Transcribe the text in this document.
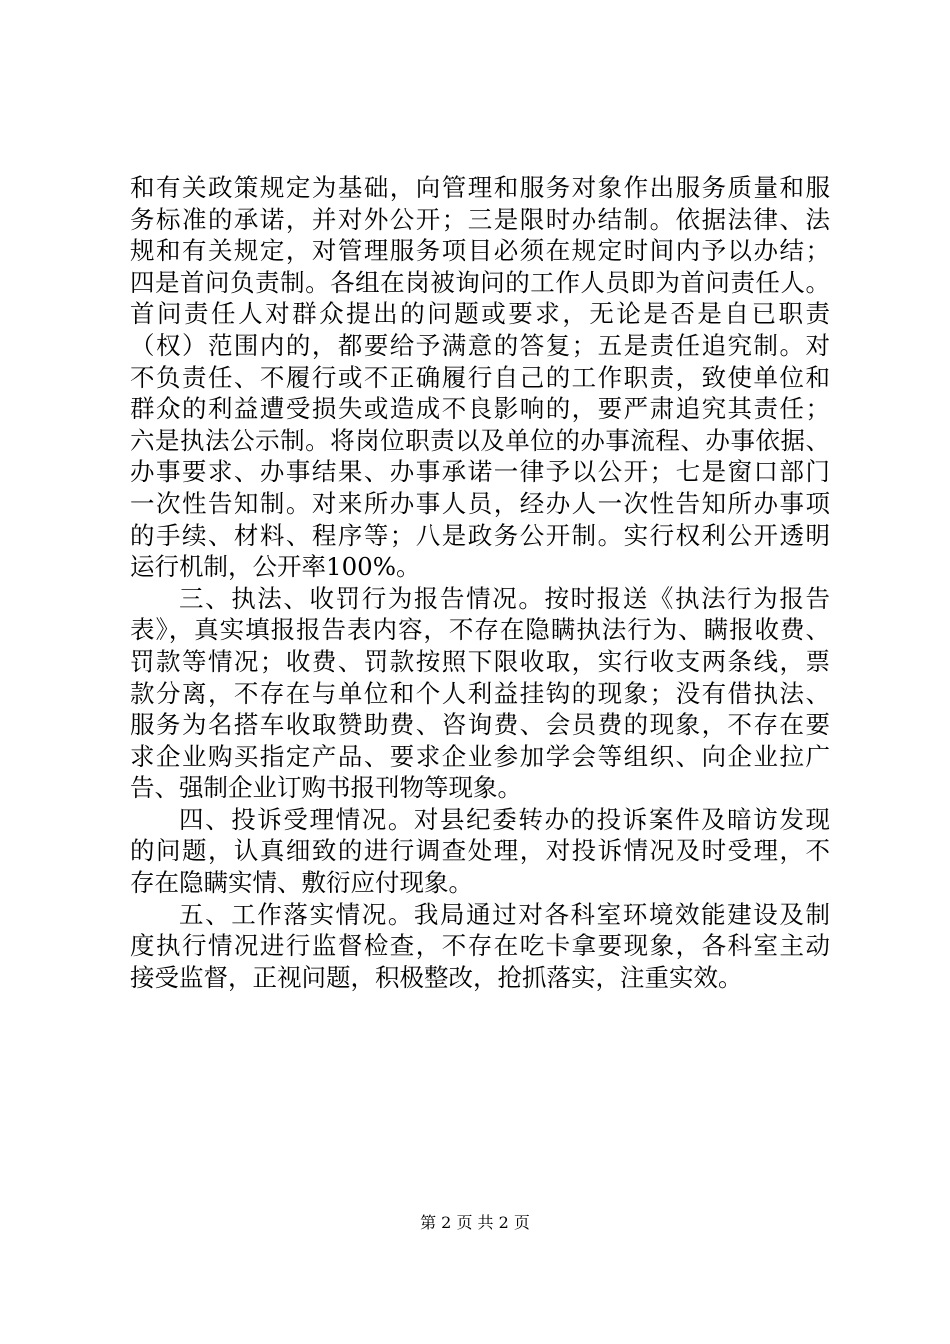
和有关政策规定为基础，向管理和服务对象作出服务质量和服
务标准的承诺，并对外公开；三是限时办结制。依据法律、法
规和有关规定，对管理服务项目必须在规定时间内予以办结；
四是首问负责制。各组在岗被询问的工作人员即为首问责任人。
首问责任人对群众提出的问题或要求，无论是否是自已职责
（权）范围内的，都要给予满意的答复；五是责任追究制。对
不负责任、不履行或不正确履行自己的工作职责，致使单位和
群众的利益遭受损失或造成不良影响的，要严肃追究其责任；
六是执法公示制。将岗位职责以及单位的办事流程、办事依据、
办事要求、办事结果、办事承诺一律予以公开；七是窗口部门
一次性告知制。对来所办事人员，经办人一次性告知所办事项
的手续、材料、程序等；八是政务公开制。实行权利公开透明
运行机制，公开率100%。
三、执法、收罚行为报告情况。按时报送《执法行为报告
表》，真实填报报告表内容，不存在隐瞒执法行为、瞒报收费、
罚款等情况；收费、罚款按照下限收取，实行收支两条线，票
款分离，不存在与单位和个人利益挂钩的现象；没有借执法、
服务为名搭车收取赞助费、咨询费、会员费的现象，不存在要
求企业购买指定产品、要求企业参加学会等组织、向企业拉广
告、强制企业订购书报刊物等现象。
四、投诉受理情况。对县纪委转办的投诉案件及暗访发现
的问题，认真细致的进行调查处理，对投诉情况及时受理，不
存在隐瞒实情、敷衍应付现象。
五、工作落实情况。我局通过对各科室环境效能建设及制
度执行情况进行监督检查，不存在吃卡拿要现象，各科室主动
接受监督，正视问题，积极整改，抢抓落实，注重实效。
第 2 页 共 2 页
